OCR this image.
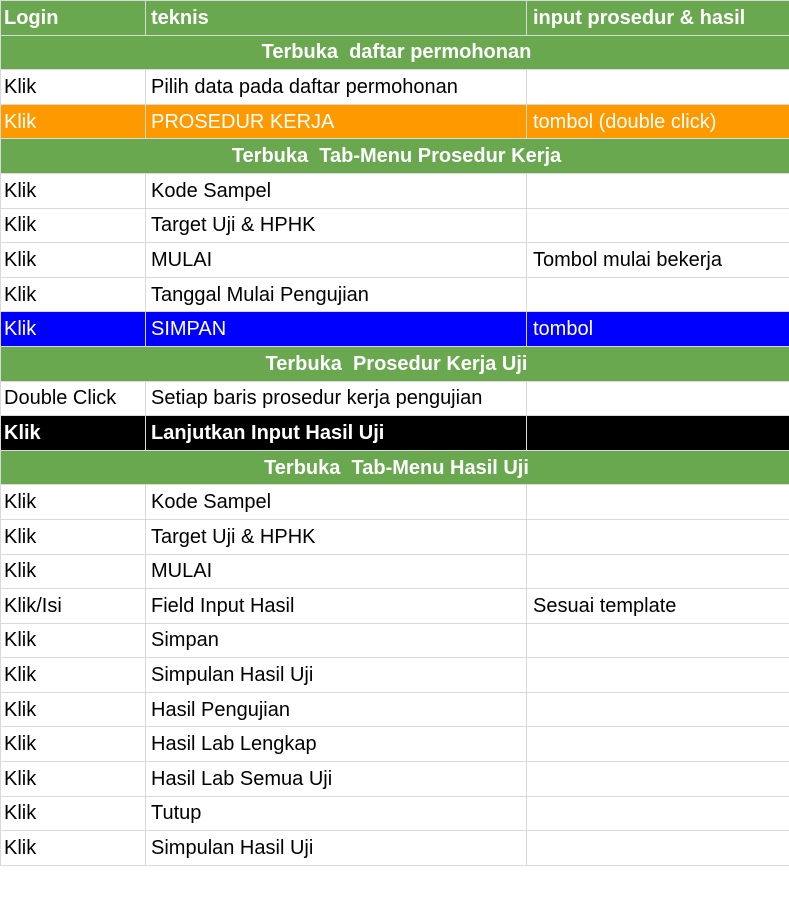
Login	teknis	input prosedur & hasil
Terbuka  daftar permohonan		
Klik	Pilih data pada daftar permohonan	
Klik	PROSEDUR KERJA	tombol (double click)
Terbuka  Tab-Menu Prosedur Kerja		
Klik	Kode Sampel	
Klik	Target Uji & HPHK	
Klik	MULAI	Tombol mulai bekerja
Klik	Tanggal Mulai Pengujian	
Klik	SIMPAN	tombol
Terbuka  Prosedur Kerja Uji		
Double Click	Setiap baris prosedur kerja pengujian	
Klik	Lanjutkan Input Hasil Uji	
Terbuka  Tab-Menu Hasil Uji		
Klik	Kode Sampel	
Klik	Target Uji & HPHK	
Klik	MULAI	
Klik/Isi	Field Input Hasil	Sesuai template
Klik	Simpan	
Klik	Simpulan Hasil Uji	
Klik	Hasil Pengujian	
Klik	Hasil Lab Lengkap	
Klik	Hasil Lab Semua Uji	
Klik	Tutup	
Klik	Simpulan Hasil Uji	
